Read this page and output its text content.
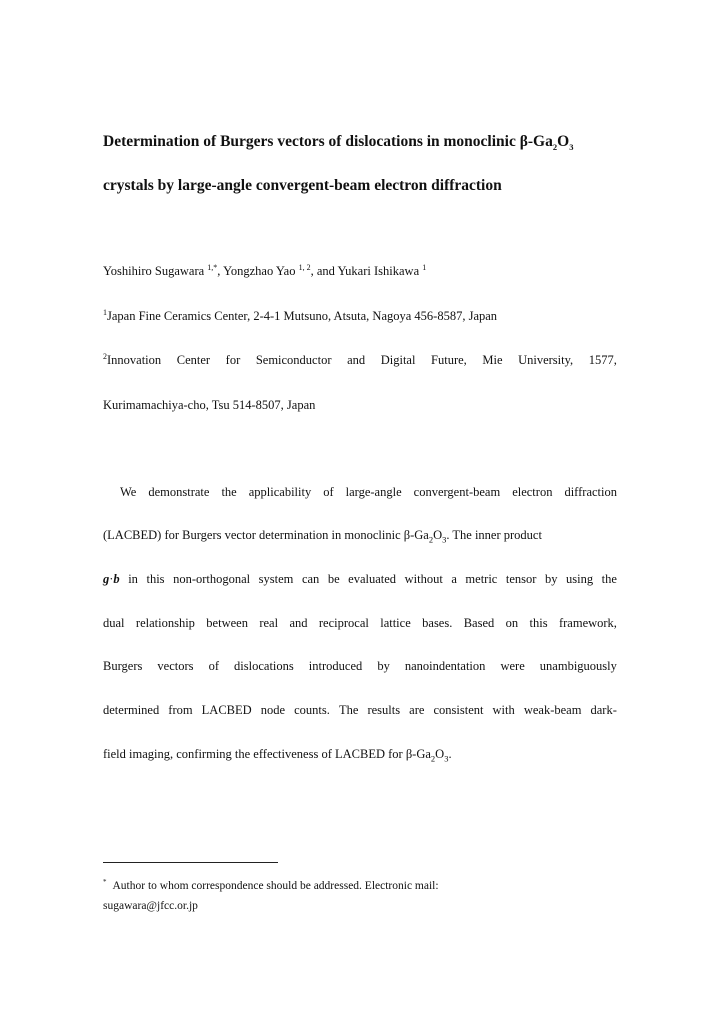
Determination of Burgers vectors of dislocations in monoclinic $\beta-Ga_2O_3$
crystals by large-angle convergent-beam electron diffraction
Yoshihiro Sugawara $^{1,*}$, Yongzhao Yao $^{1, 2}$, and Yukari Ishikawa $^1$
$^1$Japan Fine Ceramics Center, 2-4-1 Mutsuno, Atsuta, Nagoya 456-8587, Japan
$^2$Innovation Center for Semiconductor and Digital Future, Mie University, 1577,
Kurimamachiya-cho, Tsu 514-8507, Japan
We demonstrate the applicability of large-angle convergent-beam electron diffraction
(LACBED) for Burgers vector determination in monoclinic $\beta-Ga_2O_3$. The inner product
g·b in this non-orthogonal system can be evaluated without a metric tensor by using the
dual relationship between real and reciprocal lattice bases. Based on this framework,
Burgers vectors of dislocations introduced by nanoindentation were unambiguously
determined from LACBED node counts. The results are consistent with weak-beam dark-
field imaging, confirming the effectiveness of LACBED for $\beta-Ga_2O_3$.
* Author to whom correspondence should be addressed. Electronic mail:
sugawara@jfcc.or.jp
